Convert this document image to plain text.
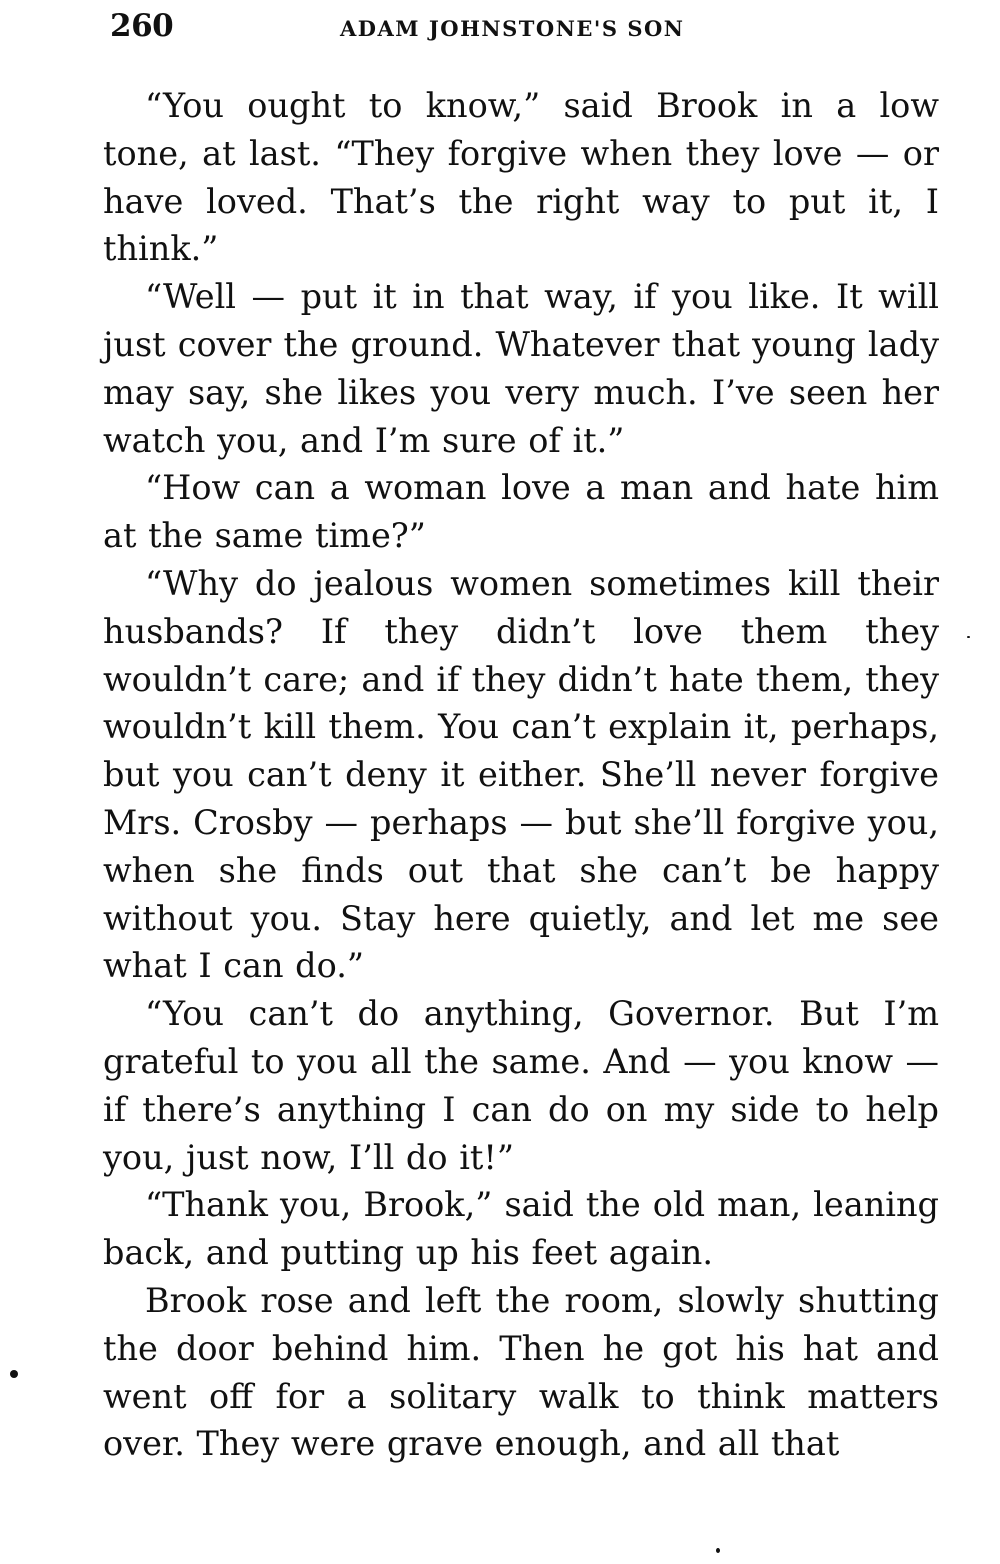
260	ADAM JOHNSTONE'S SON

“You ought to know,” said Brook in a low tone, at last. “They forgive when they love — or have loved. That’s the right way to put it, I think.”

“Well — put it in that way, if you like. It will just cover the ground. Whatever that young lady may say, she likes you very much. I’ve seen her watch you, and I’m sure of it.”

“How can a woman love a man and hate him at the same time?”

“Why do jealous women sometimes kill their husbands? If they didn’t love them they wouldn’t care; and if they didn’t hate them, they wouldn’t kill them. You can’t explain it, perhaps, but you can’t deny it either. She’ll never forgive Mrs. Crosby — perhaps — but she’ll forgive you, when she finds out that she can’t be happy without you. Stay here quietly, and let me see what I can do.”

“You can’t do anything, Governor. But I’m grateful to you all the same. And — you know — if there’s anything I can do on my side to help you, just now, I’ll do it!”

“Thank you, Brook,” said the old man, leaning back, and putting up his feet again.

Brook rose and left the room, slowly shutting the door behind him. Then he got his hat and went off for a solitary walk to think matters over. They were grave enough, and all that
